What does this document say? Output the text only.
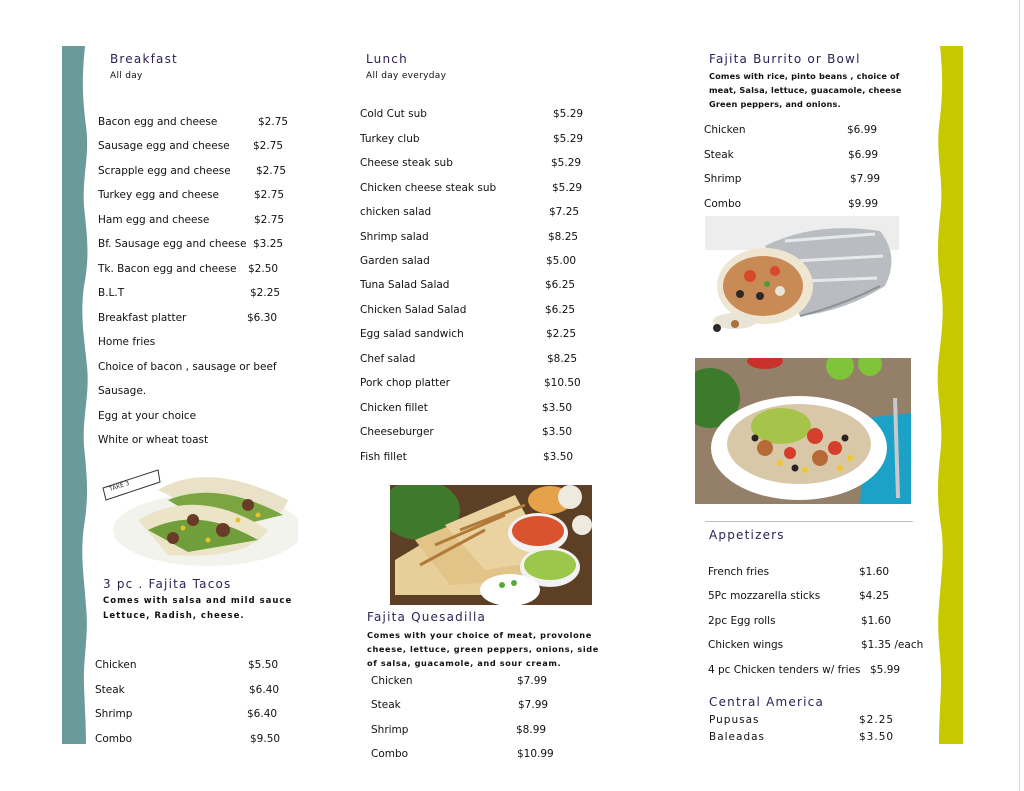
Breakfast
All day
Bacon egg and cheese	$2.75
Sausage egg and cheese $2.75
Scrapple egg and cheese $2.75
Turkey egg and cheese	$2.75
Ham egg and cheese	$2.75
Bf. Sausage egg and cheese $3.25
Tk. Bacon egg and cheese $2.50
B.L.T	$2.25
Breakfast platter	$6.30
Home fries
Choice of bacon , sausage or beef
Sausage.
Egg at your choice
White or wheat toast
TAKE 3
3 pc . Fajita Tacos
Comes with salsa and mild sauce
Lettuce, Radish, cheese.
Chicken	$5.50
Steak	$6.40
Shrimp	$6.40
Combo	$9.50
Lunch
All day everyday
Cold Cut sub	$5.29
Turkey club	$5.29
Cheese steak sub	$5.29
Chicken cheese steak sub	$5.29
chicken salad	$7.25
Shrimp salad	$8.25
Garden salad	$5.00
Tuna Salad Salad	$6.25
Chicken Salad Salad	$6.25
Egg salad sandwich	$2.25
Chef salad	$8.25
Pork chop platter	$10.50
Chicken fillet	$3.50
Cheeseburger	$3.50
Fish fillet	$3.50
Fajita Quesadilla
Comes with your choice of meat, provolone cheese, lettuce, green peppers, onions, side of salsa, guacamole, and sour cream.
Chicken	$7.99
Steak	$7.99
Shrimp	$8.99
Combo	$10.99
Fajita Burrito or Bowl
Comes with rice, pinto beans , choice of meat, Salsa, lettuce, guacamole, cheese Green peppers, and onions.
Chicken	$6.99
Steak	$6.99
Shrimp	$7.99
Combo	$9.99
Appetizers
French fries	$1.60
5Pc mozzarella sticks	$4.25
2pc Egg rolls	$1.60
Chicken wings	$1.35 /each
4 pc Chicken tenders w/ fries $5.99
Central America
Pupusas	$2.25
Baleadas	$3.50
